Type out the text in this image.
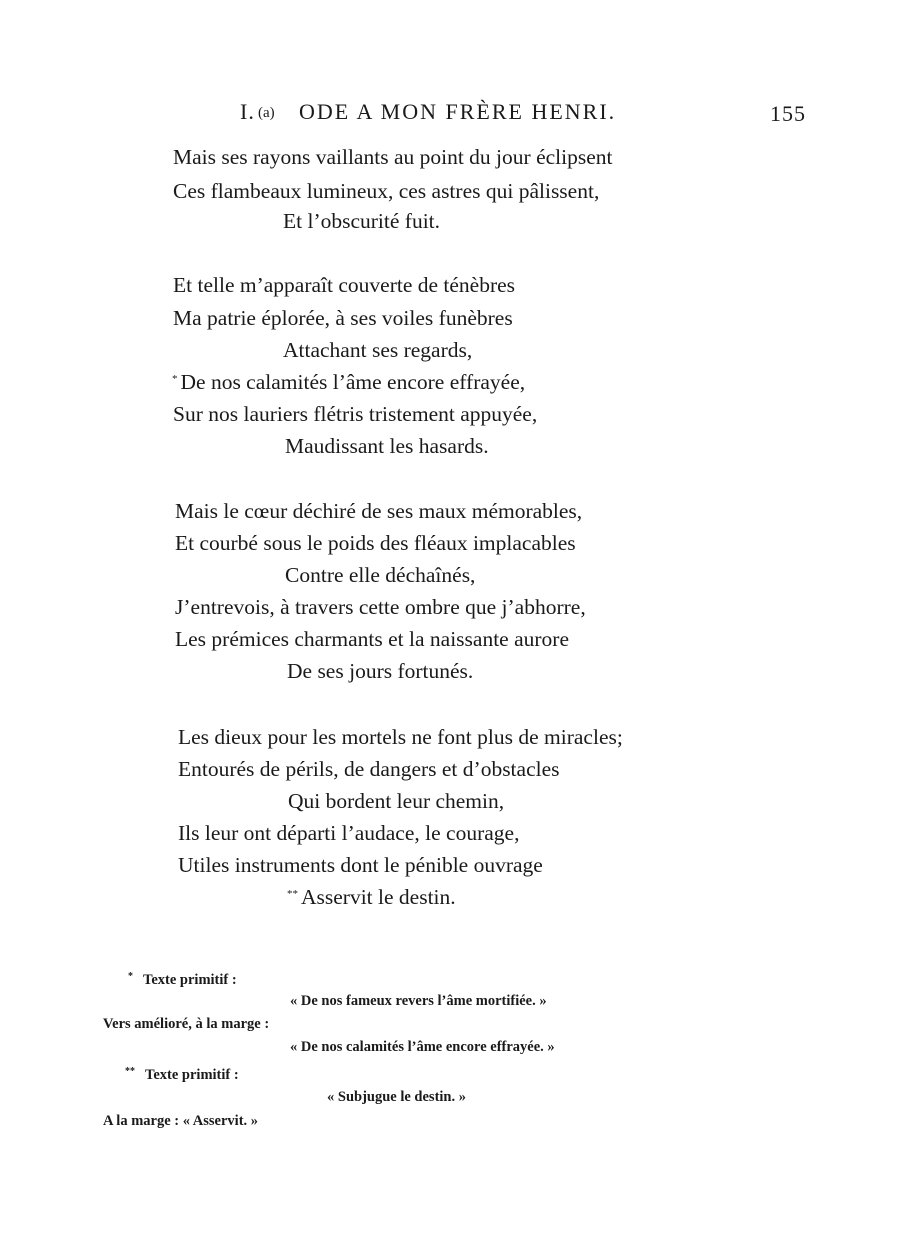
I. (a) ODE A MON FRÈRE HENRI.	155
Mais ses rayons vaillants au point du jour éclipsent
Ces flambeaux lumineux, ces astres qui pâlissent,
Et l’obscurité fuit.
Et telle m’apparaît couverte de ténèbres
Ma patrie éplorée, à ses voiles funèbres
Attachant ses regards,
* De nos calamités l’âme encore effrayée,
Sur nos lauriers flétris tristement appuyée,
Maudissant les hasards.
Mais le cœur déchiré de ses maux mémorables,
Et courbé sous le poids des fléaux implacables
Contre elle déchaînés,
J’entrevois, à travers cette ombre que j’abhorre,
Les prémices charmants et la naissante aurore
De ses jours fortunés.
Les dieux pour les mortels ne font plus de miracles;
Entourés de périls, de dangers et d’obstacles
Qui bordent leur chemin,
Ils leur ont départi l’audace, le courage,
Utiles instruments dont le pénible ouvrage
** Asservit le destin.
* Texte primitif :
« De nos fameux revers l’âme mortifiée. »
Vers amélioré, à la marge :
« De nos calamités l’âme encore effrayée. »
** Texte primitif :
« Subjugue le destin. »
A la marge : « Asservit. »
